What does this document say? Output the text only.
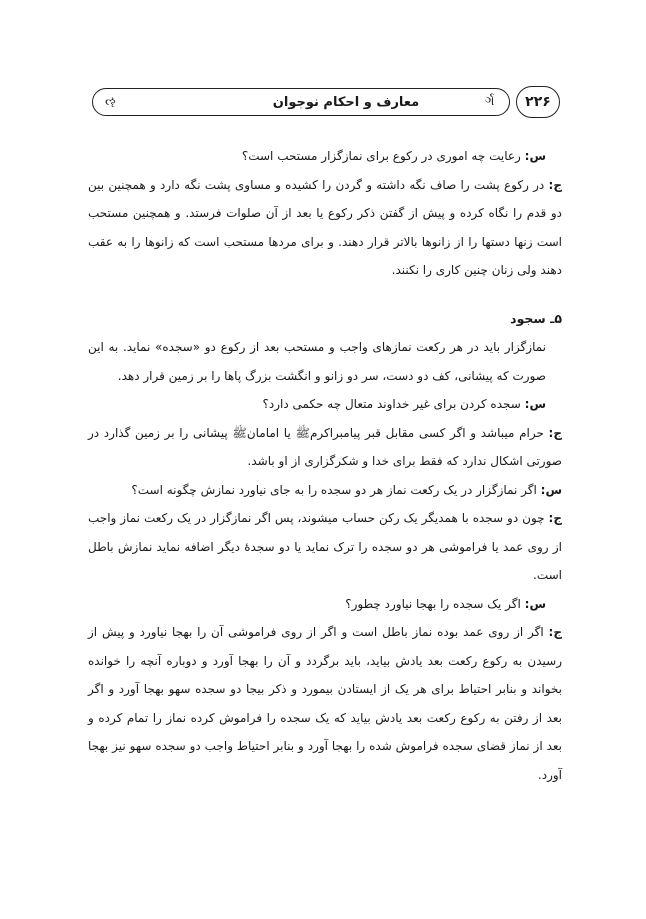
ૡ	ર્ગ
معارف و احکام نوجوان	۲۲۶

س: رعایت چه اموری در رکوع برای نمازگزار مستحب است؟

ج: در رکوع پشت را صاف نگه داشته و گردن را کشیده و مساوی پشت نگه دارد و همچنین بین دو قدم را نگاه کرده و پیش از گفتن ذکر رکوع یا بعد از آن صلوات فرستد. و همچنین مستحب است زنها دستها را از زانوها بالاتر قرار دهند. و برای مردها مستحب است که زانوها را به عقب دهند ولی زنان چنین کاری را نکنند.

۵ـ سجود

نمازگزار باید در هر رکعت نمازهای واجب و مستحب بعد از رکوع دو «سجده» نماید. به این صورت که پیشانی، کف دو دست، سر دو زانو و انگشت بزرگ پاها را بر زمین قرار دهد.

س: سجده کردن برای غیر خداوند متعال چه حکمی دارد؟

ج: حرام میباشد و اگر کسی مقابل قبر پیامبراکرمﷺ یا امامانﷺ پیشانی را بر زمین گذارد در صورتی اشکال ندارد که فقط برای خدا و شکرگزاری از او باشد.

س: اگر نمازگزار در یک رکعت نماز هر دو سجده را به جای نیاورد نمازش چگونه است؟

ج: چون دو سجده با همدیگر یک رکن حساب میشوند، پس اگر نمازگزار در یک رکعت نماز واجب از روی عمد یا فراموشی هر دو سجده را ترک نماید یا دو سجدهٔ دیگر اضافه نماید نمازش باطل است.

س: اگر یک سجده را بهجا نیاورد چطور؟

ج: اگر از روی عمد بوده نماز باطل است و اگر از روی فراموشی آن را بهجا نیاورد و پیش از رسیدن به رکوع رکعت بعد یادش بیاید، باید برگردد و آن را بهجا آورد و دوباره آنچه را خوانده بخواند و بنابر احتیاط برای هر یک از ایستادن بیمورد و ذکر بیجا دو سجده سهو بهجا آورد و اگر بعد از رفتن به رکوع رکعت بعد یادش بیاید که یک سجده را فراموش کرده نماز را تمام کرده و بعد از نماز قضای سجده فراموش شده را بهجا آورد و بنابر احتیاط واجب دو سجده سهو نیز بهجا آورد.
